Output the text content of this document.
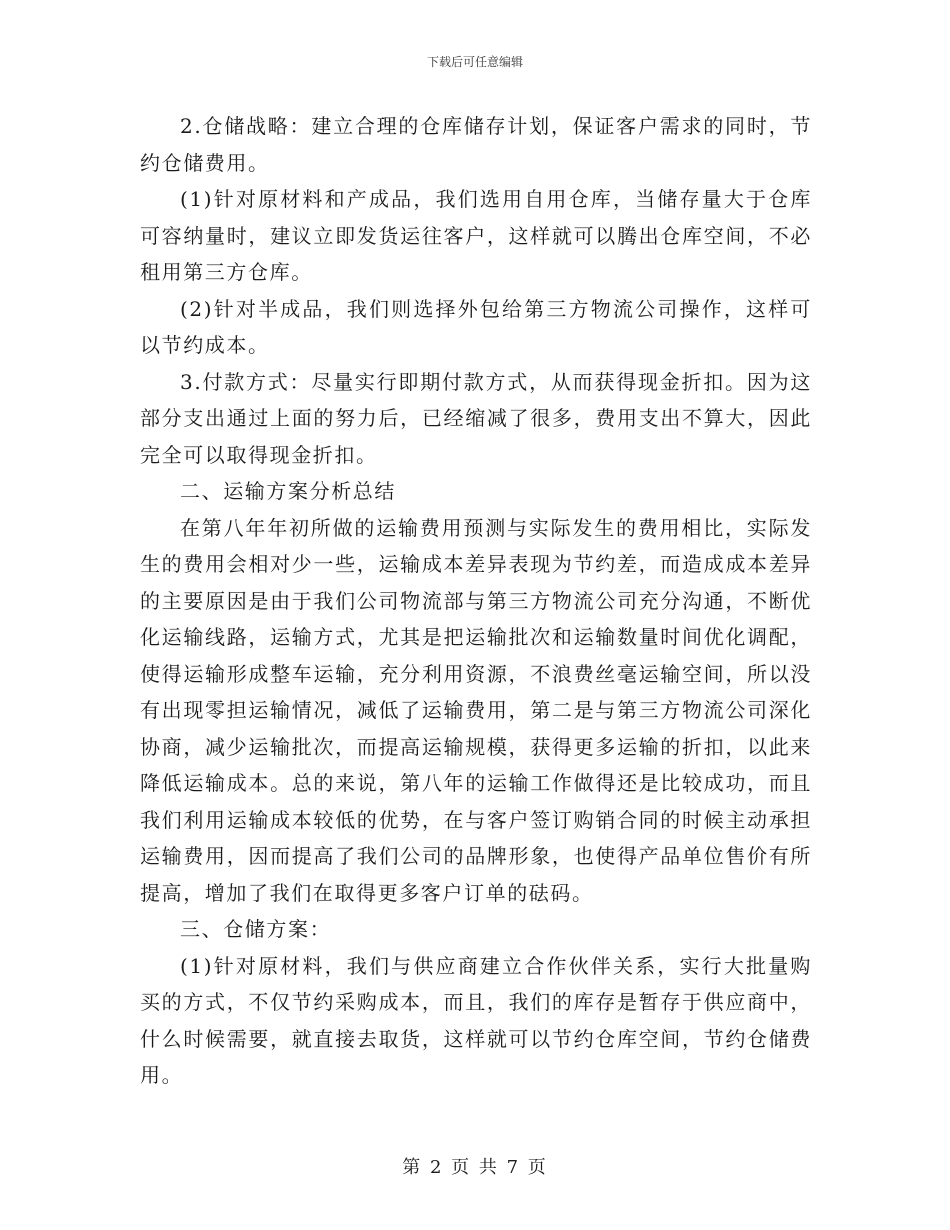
下载后可任意编辑

2.仓储战略：建立合理的仓库储存计划，保证客户需求的同时，节约仓储费用。

(1)针对原材料和产成品，我们选用自用仓库，当储存量大于仓库可容纳量时，建议立即发货运往客户，这样就可以腾出仓库空间，不必租用第三方仓库。

(2)针对半成品，我们则选择外包给第三方物流公司操作，这样可以节约成本。

3.付款方式：尽量实行即期付款方式，从而获得现金折扣。因为这部分支出通过上面的努力后，已经缩减了很多，费用支出不算大，因此完全可以取得现金折扣。

二、运输方案分析总结

在第八年年初所做的运输费用预测与实际发生的费用相比，实际发生的费用会相对少一些，运输成本差异表现为节约差，而造成成本差异的主要原因是由于我们公司物流部与第三方物流公司充分沟通，不断优化运输线路，运输方式，尤其是把运输批次和运输数量时间优化调配，使得运输形成整车运输，充分利用资源，不浪费丝毫运输空间，所以没有出现零担运输情况，减低了运输费用，第二是与第三方物流公司深化协商，减少运输批次，而提高运输规模，获得更多运输的折扣，以此来降低运输成本。总的来说，第八年的运输工作做得还是比较成功，而且我们利用运输成本较低的优势，在与客户签订购销合同的时候主动承担运输费用，因而提高了我们公司的品牌形象，也使得产品单位售价有所提高，增加了我们在取得更多客户订单的砝码。

三、仓储方案：

(1)针对原材料，我们与供应商建立合作伙伴关系，实行大批量购买的方式，不仅节约采购成本，而且，我们的库存是暂存于供应商中，什么时候需要，就直接去取货，这样就可以节约仓库空间，节约仓储费用。

第 2 页 共 7 页
